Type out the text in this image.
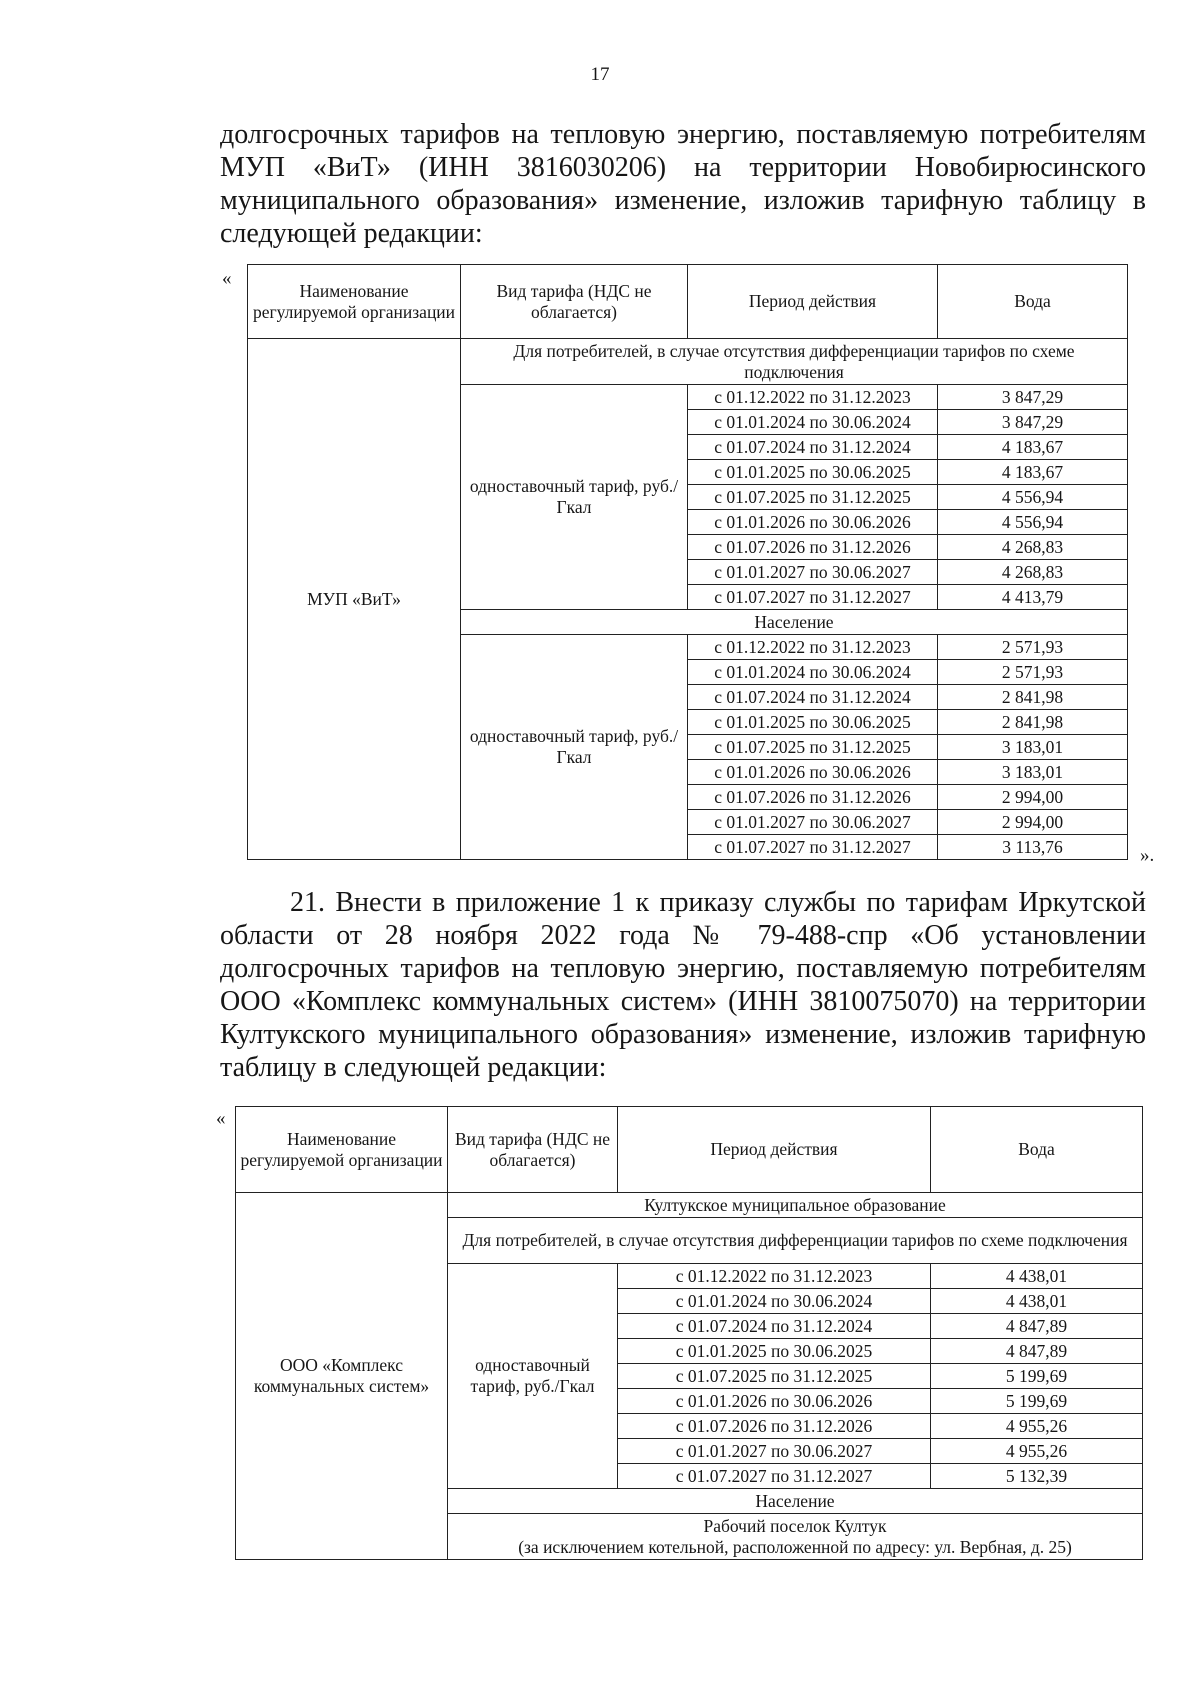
17
долгосрочных тарифов на тепловую энергию, поставляемую потребителям
МУП «ВиТ» (ИНН 3816030206) на территории Новобирюсинского
муниципального образования» изменение, изложив тарифную таблицу в
следующей редакции:
«
Наименование регулируемой организации	Вид тарифа (НДС не облагается)	Период действия	Вода
МУП «ВиТ»	Для потребителей, в случае отсутствия дифференциации тарифов по схеме подключения		
	одноставочный тариф, руб./Гкал	с 01.12.2022 по 31.12.2023	3 847,29
		с 01.01.2024 по 30.06.2024	3 847,29
		с 01.07.2024 по 31.12.2024	4 183,67
		с 01.01.2025 по 30.06.2025	4 183,67
		с 01.07.2025 по 31.12.2025	4 556,94
		с 01.01.2026 по 30.06.2026	4 556,94
		с 01.07.2026 по 31.12.2026	4 268,83
		с 01.01.2027 по 30.06.2027	4 268,83
		с 01.07.2027 по 31.12.2027	4 413,79
	Население		
	одноставочный тариф, руб./Гкал	с 01.12.2022 по 31.12.2023	2 571,93
		с 01.01.2024 по 30.06.2024	2 571,93
		с 01.07.2024 по 31.12.2024	2 841,98
		с 01.01.2025 по 30.06.2025	2 841,98
		с 01.07.2025 по 31.12.2025	3 183,01
		с 01.01.2026 по 30.06.2026	3 183,01
		с 01.07.2026 по 31.12.2026	2 994,00
		с 01.01.2027 по 30.06.2027	2 994,00
		с 01.07.2027 по 31.12.2027	3 113,76	».
21. Внести в приложение 1 к приказу службы по тарифам Иркутской
области от 28 ноября 2022 года № 79-488-спр «Об установлении
долгосрочных тарифов на тепловую энергию, поставляемую потребителям
ООО «Комплекс коммунальных систем» (ИНН 3810075070) на территории
Култукского муниципального образования» изменение, изложив тарифную
таблицу в следующей редакции:
«
Наименование регулируемой организации	Вид тарифа (НДС не облагается)	Период действия	Вода
ООО «Комплекс коммунальных систем»	Култукское муниципальное образование		
	Для потребителей, в случае отсутствия дифференциации тарифов по схеме подключения		
	одноставочный тариф, руб./Гкал	с 01.12.2022 по 31.12.2023	4 438,01
		с 01.01.2024 по 30.06.2024	4 438,01
		с 01.07.2024 по 31.12.2024	4 847,89
		с 01.01.2025 по 30.06.2025	4 847,89
		с 01.07.2025 по 31.12.2025	5 199,69
		с 01.01.2026 по 30.06.2026	5 199,69
		с 01.07.2026 по 31.12.2026	4 955,26
		с 01.01.2027 по 30.06.2027	4 955,26
		с 01.07.2027 по 31.12.2027	5 132,39
	Население		

	Рабочий поселок Култук
(за исключением котельной, расположенной по адресу: ул. Вербная, д. 25)		
